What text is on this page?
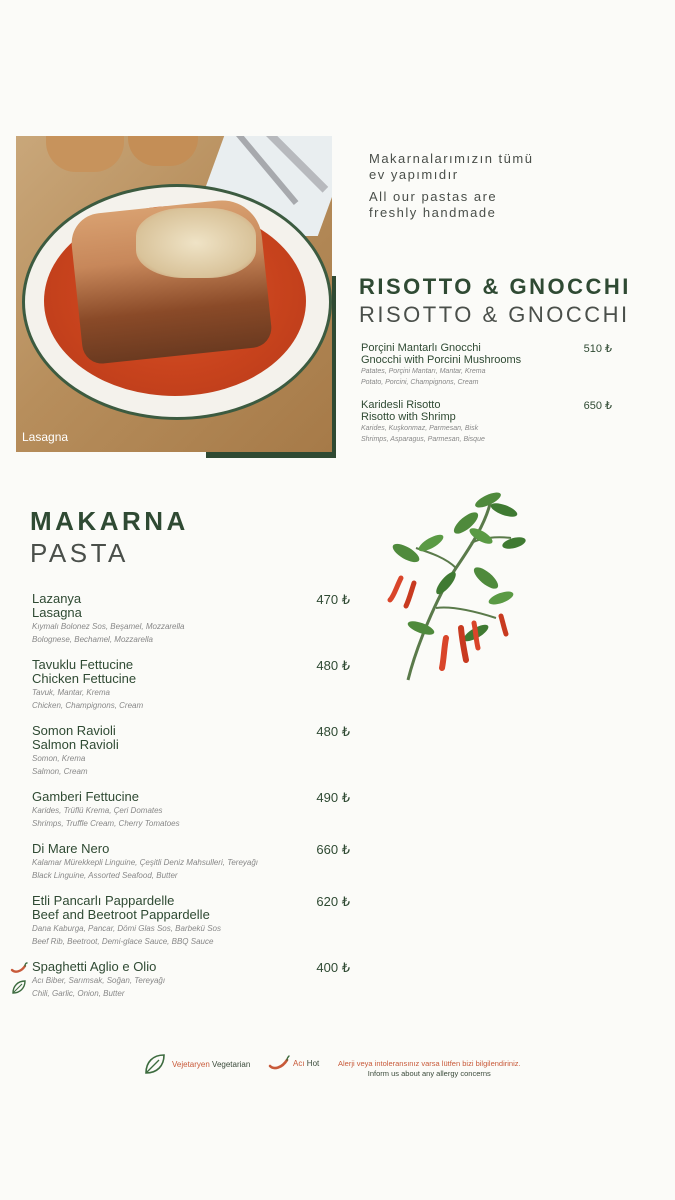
Lasagna
Makarnalarımızın tümü
ev yapımıdır
All our pastas are
freshly handmade
RISOTTO & GNOCCHI
RISOTTO & GNOCCHI
Porçini Mantarlı Gnocchi
Gnocchi with Porcini Mushrooms
Patates, Porçini Mantarı, Mantar, Krema
Potato, Porcini, Champignons, Cream
510 ₺
Karidesli Risotto
Risotto with Shrimp
Karides, Kuşkonmaz, Parmesan, Bisk
Shrimps, Asparagus, Parmesan, Bisque
650 ₺
MAKARNA
PASTA
Lazanya
Lasagna
Kıymalı Bolonez Sos, Beşamel, Mozzarella
Bolognese, Bechamel, Mozzarella
470 ₺
Tavuklu Fettucine
Chicken Fettucine
Tavuk, Mantar, Krema
Chicken, Champignons, Cream
480 ₺
Somon Ravioli
Salmon Ravioli
Somon, Krema
Salmon, Cream
480 ₺
Gamberi Fettucine
Karides, Trüflü Krema, Çeri Domates
Shrimps, Truffle Cream, Cherry Tomatoes
490 ₺
Di Mare Nero
Kalamar Mürekkepli Linguine, Çeşitli Deniz Mahsulleri, Tereyağı
Black Linguine, Assorted Seafood, Butter
660 ₺
Etli Pancarlı Pappardelle
Beef and Beetroot Pappardelle
Dana Kaburga, Pancar, Dömi Glas Sos, Barbekü Sos
Beef Rib, Beetroot, Demi-glace Sauce, BBQ Sauce
620 ₺
Spaghetti Aglio e Olio
Acı Biber, Sarımsak, Soğan, Tereyağı
Chili, Garlic, Onion, Butter
400 ₺
Vejetaryen Vegetarian	Acı Hot	Alerji veya intoleransınız varsa lütfen bizi bilgilendiriniz.
Inform us about any allergy concerns
